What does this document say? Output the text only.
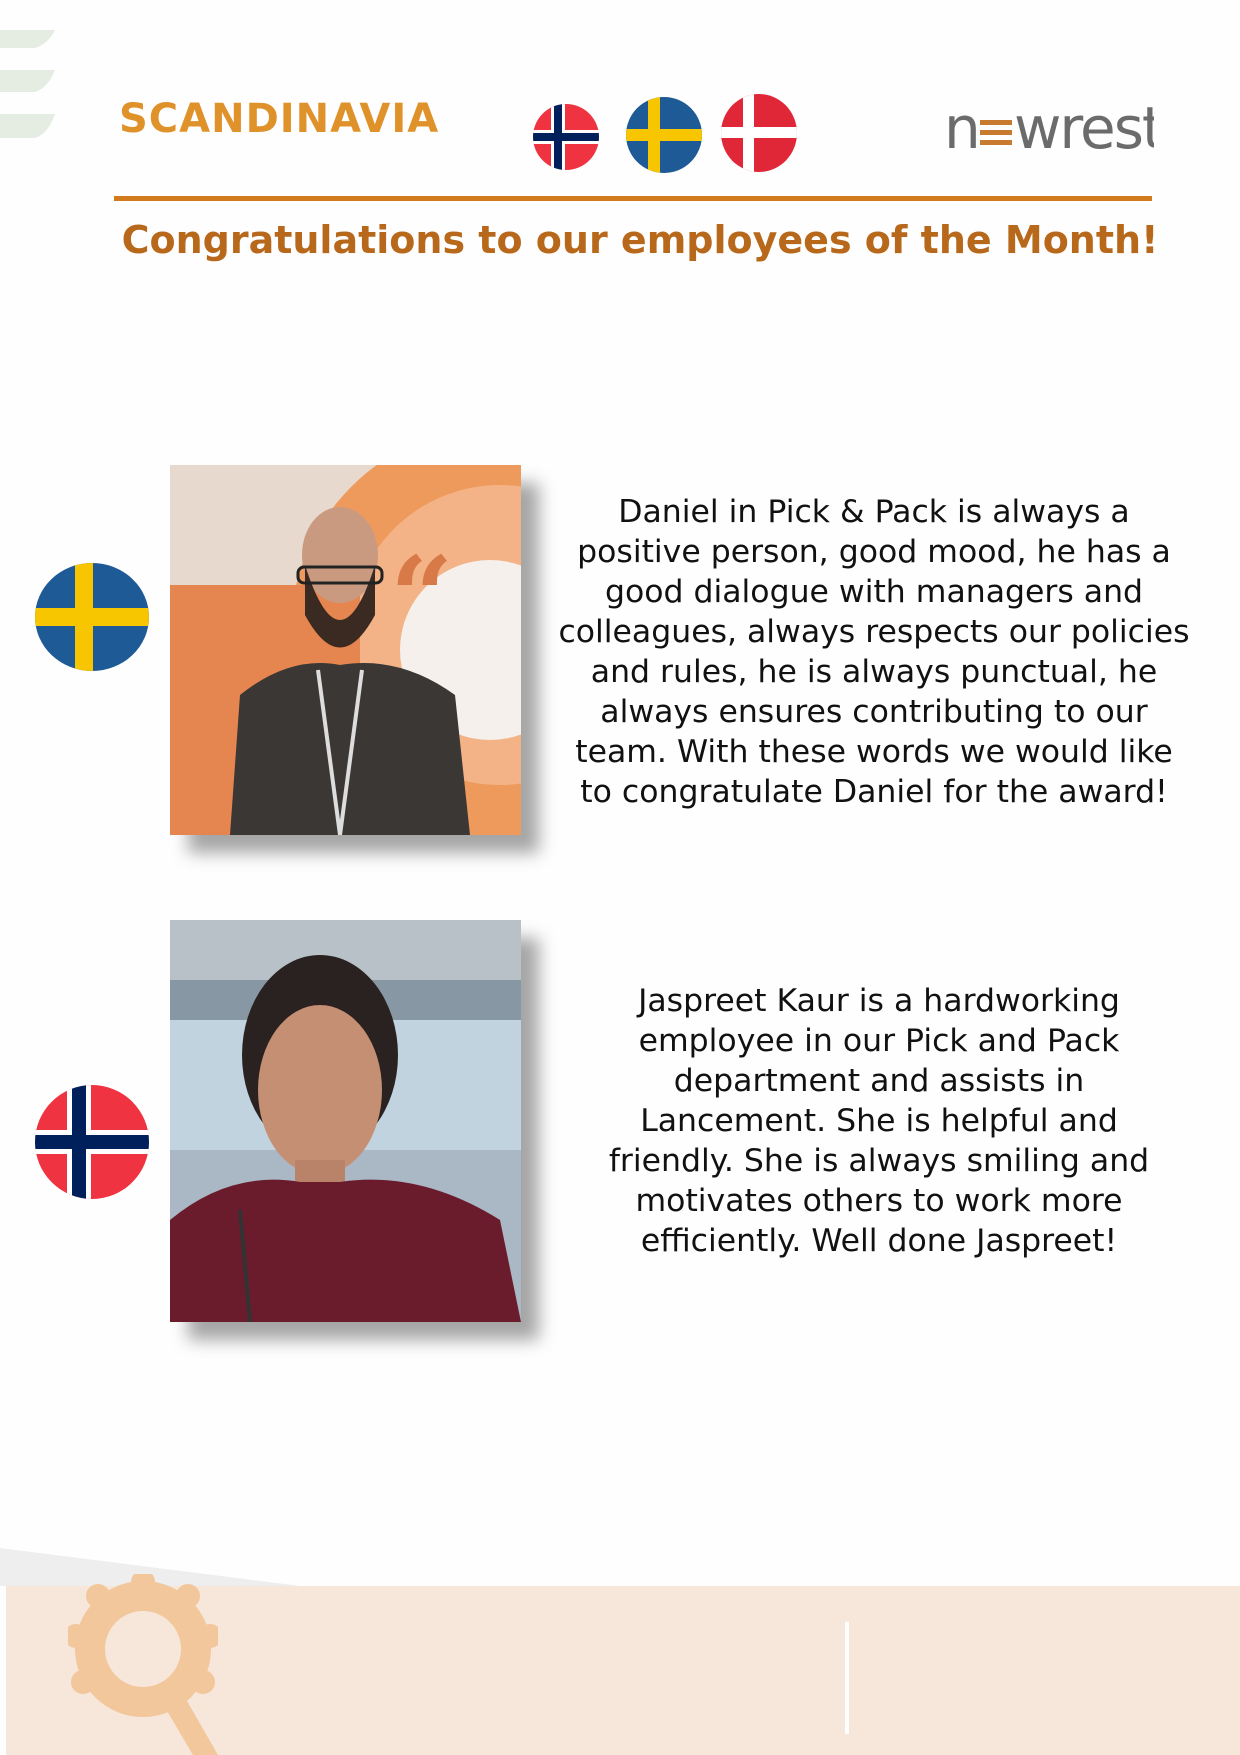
SCANDINAVIA	n wrest
Congratulations to our employees of the Month!
“
Daniel in Pick & Pack is always a
positive person, good mood, he has a
good dialogue with managers and
colleagues, always respects our policies
and rules, he is always punctual, he
always ensures contributing to our
team. With these words we would like
to congratulate Daniel for the award!
Jaspreet Kaur is a hardworking
employee in our Pick and Pack
department and assists in
Lancement. She is helpful and
friendly. She is always smiling and
motivates others to work more
efficiently. Well done Jaspreet!
